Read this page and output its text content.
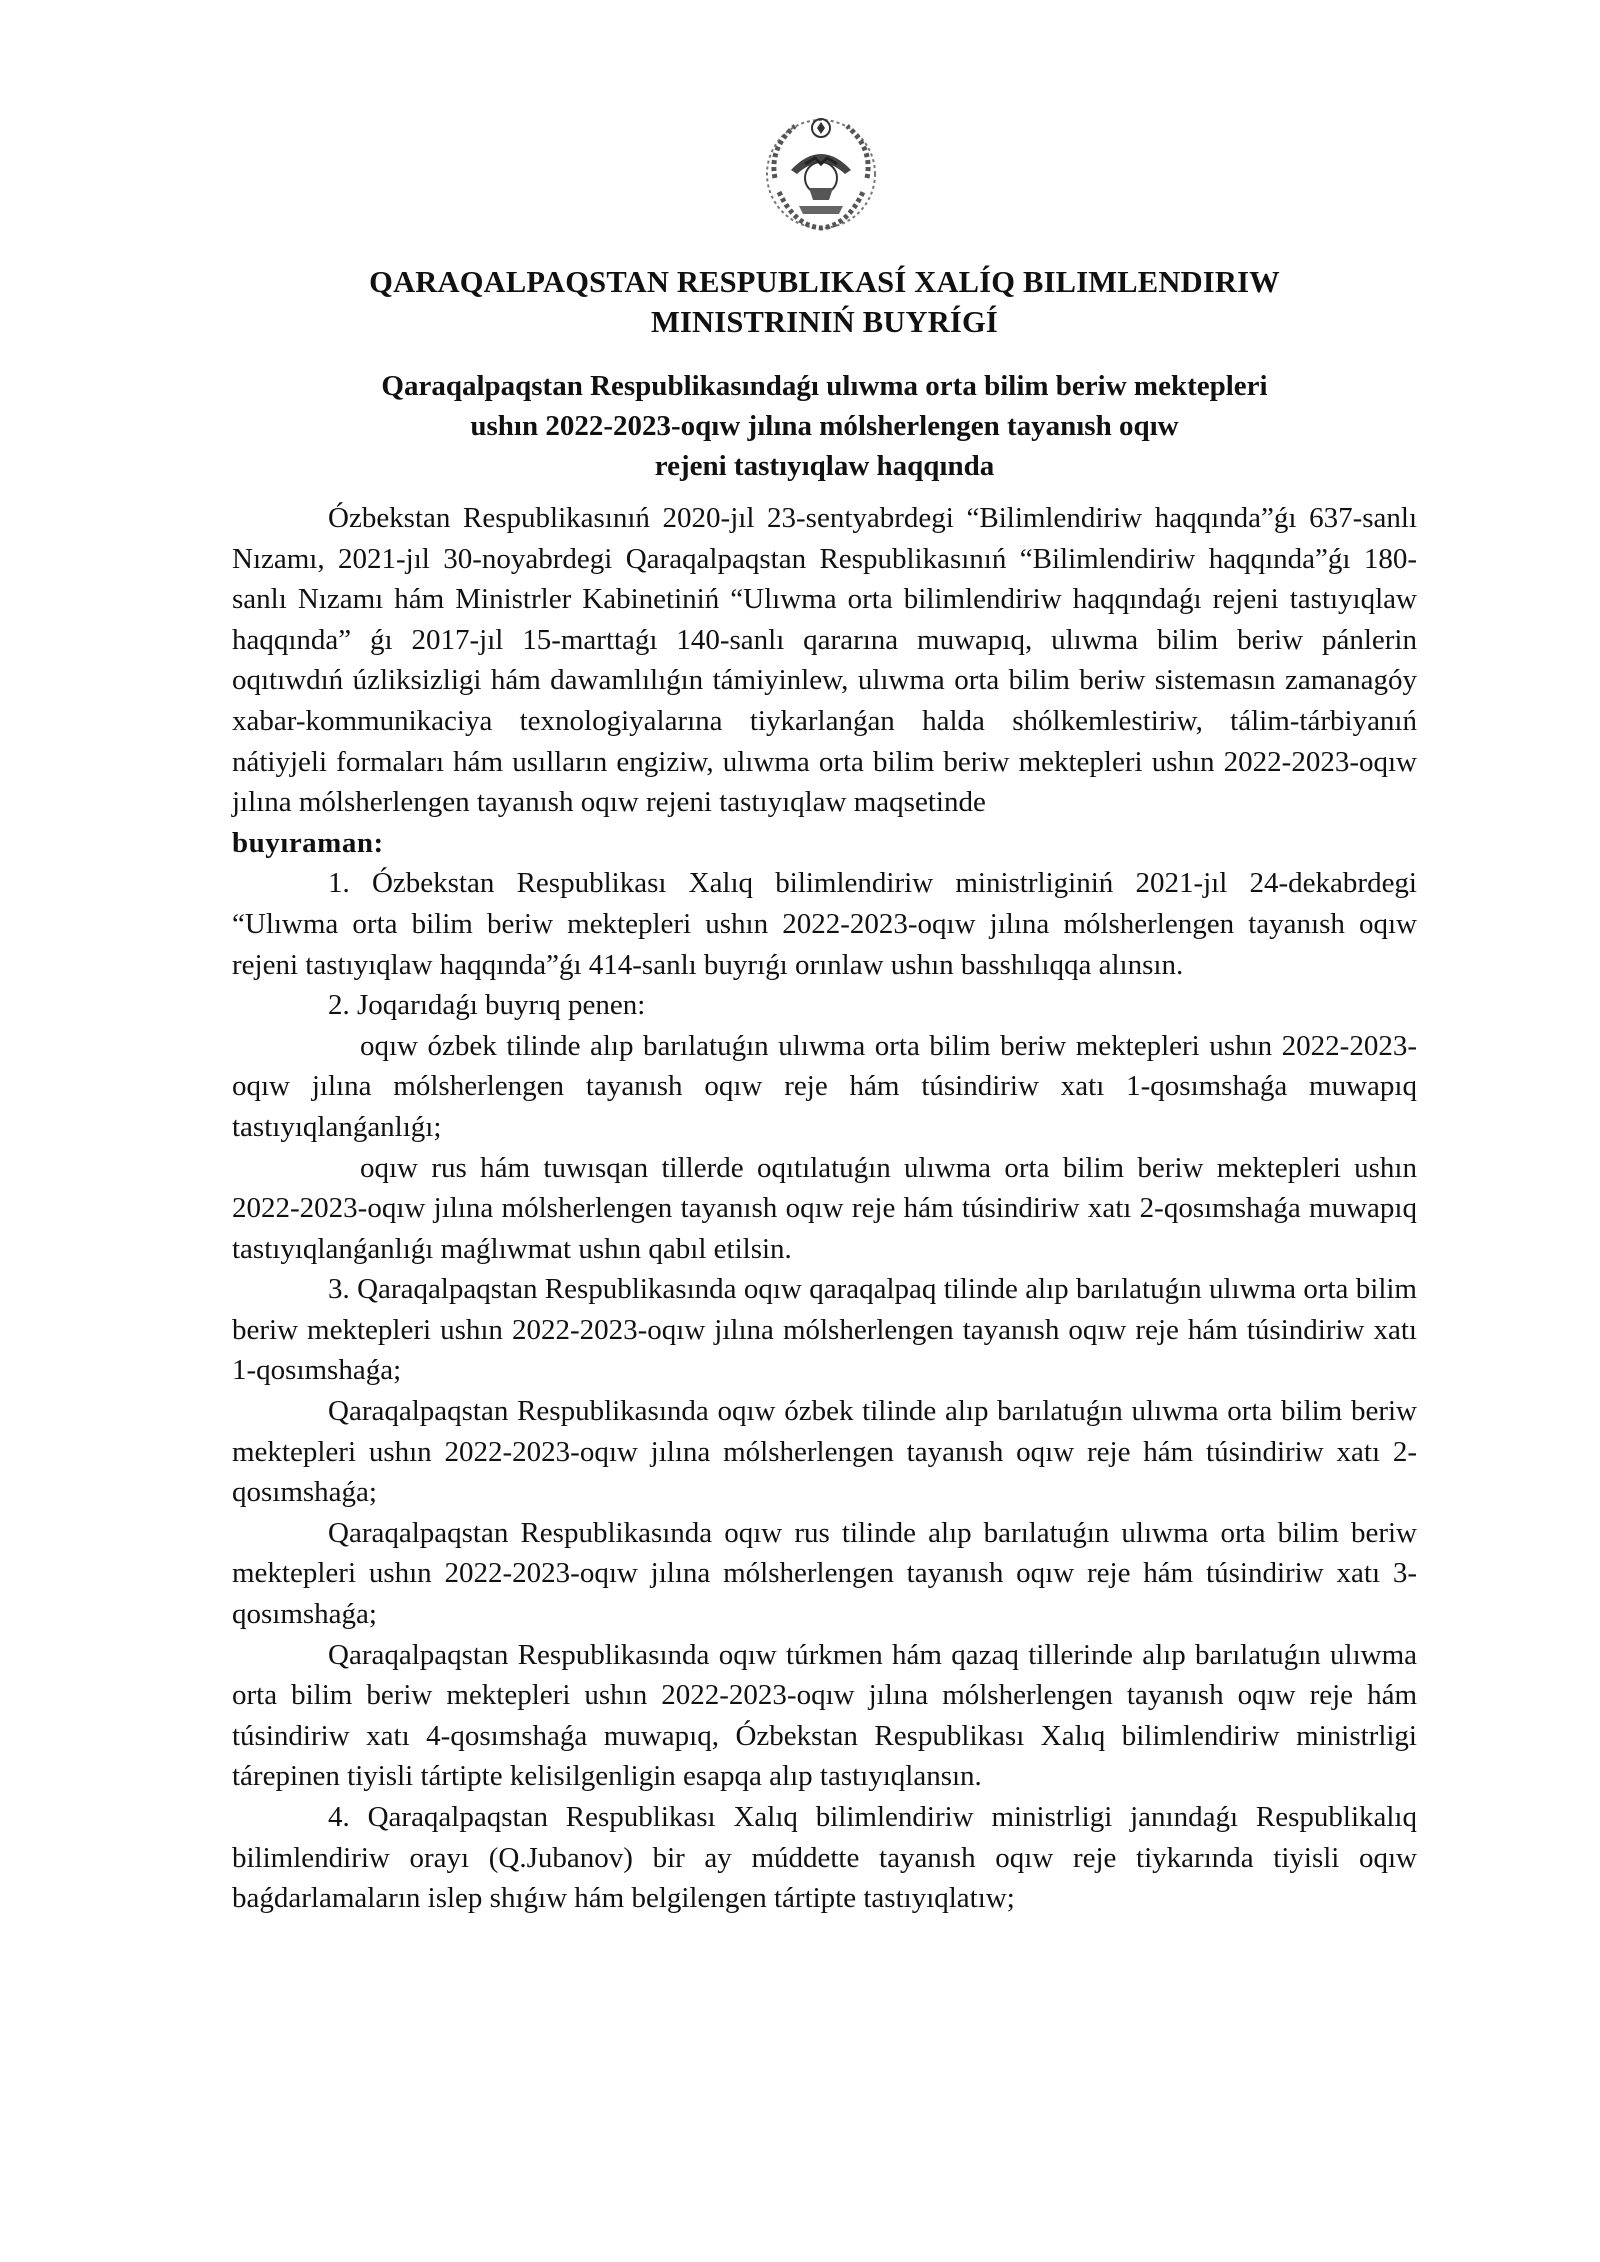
QARAQALPAQSTAN RESPUBLIKASÍ XALÍQ BILIMLENDIRIW
MINISTRINIŃ BUYRÍGÍ
Qaraqalpaqstan Respublikasındaǵı ulıwma orta bilim beriw mektepleri
ushın 2022-2023-oqıw jılına mólsherlengen tayanısh oqıw
rejeni tastıyıqlaw haqqında

Ózbekstan Respublikasınıń 2020-jıl 23-sentyabrdegi “Bilimlendiriw haqqında”ǵı 637-sanlı Nızamı, 2021-jıl 30-noyabrdegi Qaraqalpaqstan Respublikasınıń “Bilimlendiriw haqqında”ǵı 180-sanlı Nızamı hám Ministrler Kabinetiniń “Ulıwma orta bilimlendiriw haqqındaǵı rejeni tastıyıqlaw haqqında” ǵı 2017-jıl 15-marttaǵı 140-sanlı qararına muwapıq, ulıwma bilim beriw pánlerin oqıtıwdıń úzliksizligi hám dawamlılıǵın támiyinlew, ulıwma orta bilim beriw sistemasın zamanagóy xabar-kommunikaciya texnologiyalarına tiykarlanǵan halda shólkemlestiriw, tálim-tárbiyanıń nátiyjeli formaları hám usılların engiziw, ulıwma orta bilim beriw mektepleri ushın 2022-2023-oqıw jılına mólsherlengen tayanısh oqıw rejeni tastıyıqlaw maqsetinde

buyıraman:

1. Ózbekstan Respublikası Xalıq bilimlendiriw ministrliginiń 2021-jıl 24-dekabrdegi “Ulıwma orta bilim beriw mektepleri ushın 2022-2023-oqıw jılına mólsherlengen tayanısh oqıw rejeni tastıyıqlaw haqqında”ǵı 414-sanlı buyrıǵı orınlaw ushın basshılıqqa alınsın.

2. Joqarıdaǵı buyrıq penen:

oqıw ózbek tilinde alıp barılatuǵın ulıwma orta bilim beriw mektepleri ushın 2022-2023-oqıw jılına mólsherlengen tayanısh oqıw reje hám túsindiriw xatı 1-qosımshaǵa muwapıq tastıyıqlanǵanlıǵı;

oqıw rus hám tuwısqan tillerde oqıtılatuǵın ulıwma orta bilim beriw mektepleri ushın 2022-2023-oqıw jılına mólsherlengen tayanısh oqıw reje hám túsindiriw xatı 2-qosımshaǵa muwapıq tastıyıqlanǵanlıǵı maǵlıwmat ushın qabıl etilsin.

3. Qaraqalpaqstan Respublikasında oqıw qaraqalpaq tilinde alıp barılatuǵın ulıwma orta bilim beriw mektepleri ushın 2022-2023-oqıw jılına mólsherlengen tayanısh oqıw reje hám túsindiriw xatı 1-qosımshaǵa;

Qaraqalpaqstan Respublikasında oqıw ózbek tilinde alıp barılatuǵın ulıwma orta bilim beriw mektepleri ushın 2022-2023-oqıw jılına mólsherlengen tayanısh oqıw reje hám túsindiriw xatı 2-qosımshaǵa;

Qaraqalpaqstan Respublikasında oqıw rus tilinde alıp barılatuǵın ulıwma orta bilim beriw mektepleri ushın 2022-2023-oqıw jılına mólsherlengen tayanısh oqıw reje hám túsindiriw xatı 3-qosımshaǵa;

Qaraqalpaqstan Respublikasında oqıw túrkmen hám qazaq tillerinde alıp barılatuǵın ulıwma orta bilim beriw mektepleri ushın 2022-2023-oqıw jılına mólsherlengen tayanısh oqıw reje hám túsindiriw xatı 4-qosımshaǵa muwapıq, Ózbekstan Respublikası Xalıq bilimlendiriw ministrligi tárepinen tiyisli tártipte kelisilgenligin esapqa alıp tastıyıqlansın.

4. Qaraqalpaqstan Respublikası Xalıq bilimlendiriw ministrligi janındaǵı Respublikalıq bilimlendiriw orayı (Q.Jubanov) bir ay múddette tayanısh oqıw reje tiykarında tiyisli oqıw baǵdarlamaların islep shıǵıw hám belgilengen tártipte tastıyıqlatıw;
